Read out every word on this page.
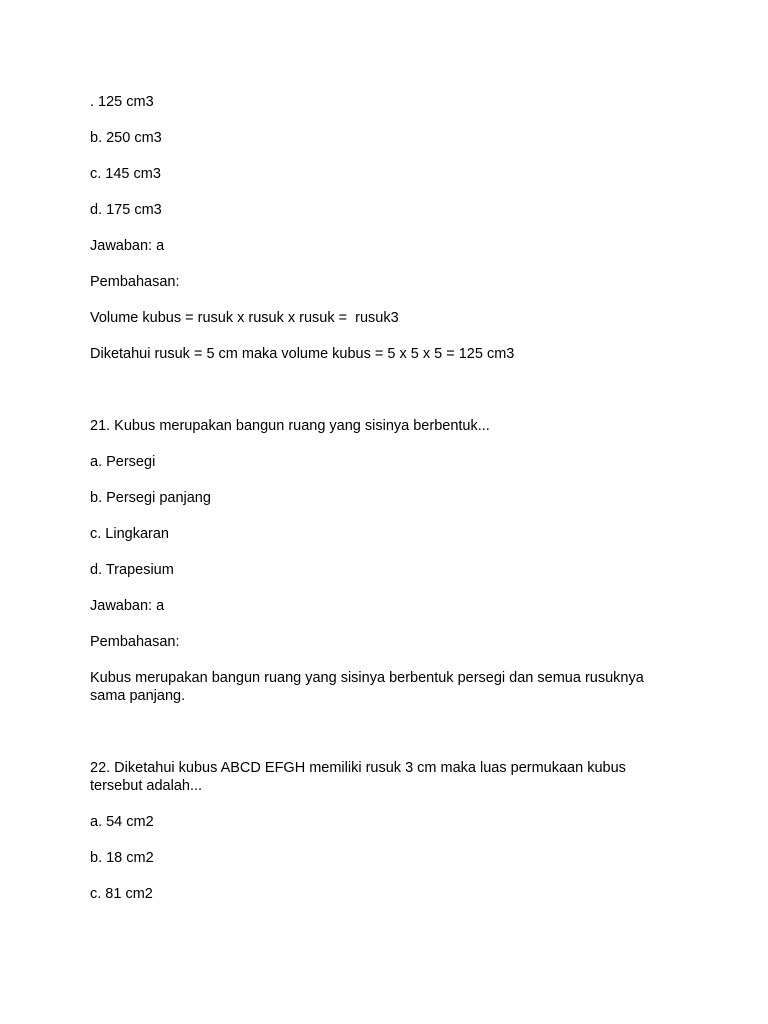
. 125 cm3
b. 250 cm3
c. 145 cm3
d. 175 cm3
Jawaban: a
Pembahasan:
Volume kubus = rusuk x rusuk x rusuk =  rusuk3
Diketahui rusuk = 5 cm maka volume kubus = 5 x 5 x 5 = 125 cm3
21. Kubus merupakan bangun ruang yang sisinya berbentuk...
a. Persegi
b. Persegi panjang
c. Lingkaran
d. Trapesium
Jawaban: a
Pembahasan:
Kubus merupakan bangun ruang yang sisinya berbentuk persegi dan semua rusuknya sama panjang.
22. Diketahui kubus ABCD EFGH memiliki rusuk 3 cm maka luas permukaan kubus tersebut adalah...
a. 54 cm2
b. 18 cm2
c. 81 cm2
